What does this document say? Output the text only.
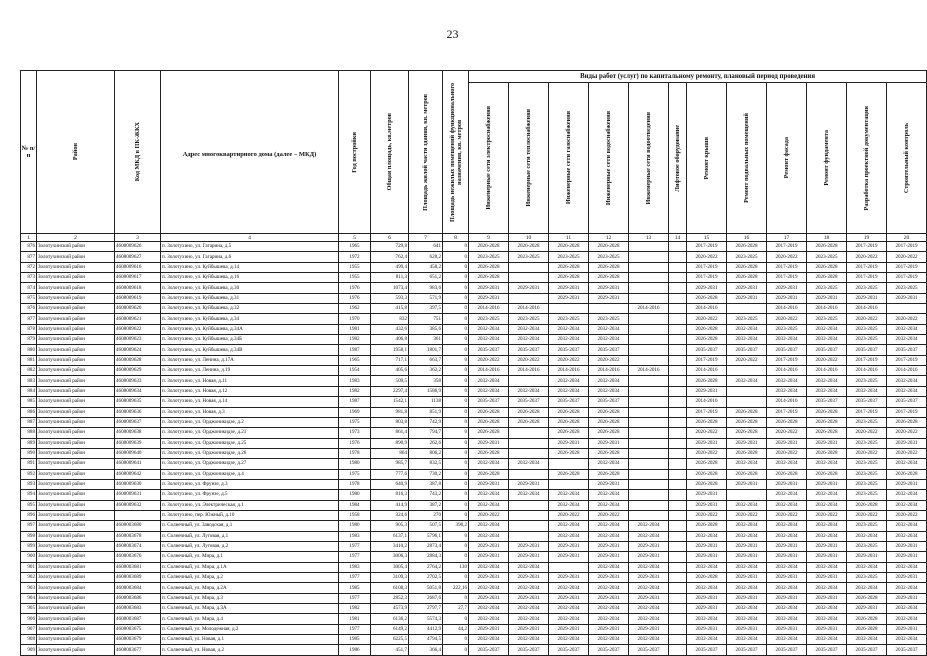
23
№ п/п	Район	Код МКД в ПК-ЖКХ	Адрес многоквартирного дома (далее – МКД)	Год постройки	Общая площадь, кв.метров	Площадь жилой части здания, кв. метров	Площадь нежилых помещений функционального назначения, кв. метров	Виды работ (услуг) по капитальному ремонту, плановый период проведения											

								Инженерные сети электроснабжения	Инженерные сети теплоснабжения	Инженерные сети газоснабжения	Инженерные сети водоснабжения	Инженерные сети водоотведения	Лифтовое оборудование	Ремонт крыши	Ремонт подвальных помещений	Ремонт фасада	Ремонт фундамента	Разработка проектной документации	Строительный контроль

1	2	3	4	5	6	7	8	9	10	11	12	13	14	15	16	17	18	19	20
876	Золотухинский район	4608009626	п. Золотухино, ул. Гагарина, д.5	1965	729,8	641	0	2026-2028	2026-2028	2026-2028	2026-2028			2017-2019	2026-2028	2017-2019	2026-2028	2017-2019	2017-2019
877	Золотухинский район	4608009627	п. Золотухино, ул. Гагарина, д.6	1972	762,4	628,2	0	2023-2025	2023-2025	2023-2025	2023-2025			2020-2022	2023-2025	2020-2022	2023-2025	2020-2022	2020-2022
872	Золотухинский район	4608009616	п. Золотухино, ул. Куйбышева, д.14	1955	499,4	458,2	0	2026-2028		2026-2028	2026-2028			2017-2019	2026-2028	2017-2019	2026-2028	2017-2019	2017-2019
873	Золотухинский район	4608009617	п. Золотухино, ул. Куйбышева, д.16	1955	811,3	651,2	0	2026-2028		2026-2028	2026-2028			2017-2019	2026-2028	2017-2019	2026-2028	2017-2019	2017-2019
874	Золотухинский район	4608009618	п. Золотухино, ул. Куйбышева, д.30	1976	1073,4	983,6	0	2029-2031	2029-2031	2029-2031	2029-2031			2029-2031	2029-2031	2029-2031	2023-2025	2023-2025	2023-2025
875	Золотухинский район	4608009619	п. Золотухино, ул. Куйбышева, д.31	1976	593,3	571,9	0	2029-2031		2029-2031	2029-2031			2026-2028	2029-2031	2029-2031	2029-2031	2029-2031	2029-2031
876	Золотухинский район	4608009620	п. Золотухино, ул. Куйбышева, д.32	1962	415,8	397,5	0	2014-2016	2014-2016			2014-2016		2014-2016		2014-2016	2014-2016	2014-2016	
877	Золотухинский район	4608009621	п. Золотухино, ул. Куйбышева, д.34	1970	832	751	0	2023-2025	2023-2025	2023-2025	2023-2025			2020-2022	2023-2025	2020-2022	2023-2025	2020-2022	2020-2022
878	Золотухинский район	4608009622	п. Золотухино, ул. Куйбышева, д.34А	1981	432,6	385,6	0	2032-2034	2032-2034	2032-2034	2032-2034			2026-2028	2032-2034	2023-2025	2032-2034	2023-2025	2032-2034
879	Золотухинский район	4608009623	п. Золотухино, ул. Куйбышева, д.34Б	1982	406,8	361	0	2032-2034	2032-2034	2032-2034	2032-2034			2026-2028	2032-2034	2032-2034	2032-2034	2023-2025	2032-2034
880	Золотухинский район	4608009624	п. Золотухино, ул. Куйбышева, д.34В	1987	1958,1	1801,7	0	2035-2037	2035-2037	2035-2037	2035-2037			2035-2037	2035-2037	2035-2037	2035-2037	2035-2037	2035-2037
881	Золотухинский район	4608009628	п. Золотухино, ул. Ленина, д.17А	1965	717,1	663,7	0	2020-2022	2020-2022	2020-2022	2020-2022			2017-2019	2020-2022	2017-2019	2020-2022	2017-2019	2017-2019
882	Золотухинский район	4608009629	п. Золотухино, ул. Ленина, д.19	1954	405,6	362,2	0	2014-2016	2014-2016	2014-2016	2014-2016	2014-2016		2014-2016		2014-2016	2014-2016	2014-2016	2014-2016
883	Золотухинский район	4608009633	п. Золотухино, ул. Новая, д.11	1983	509,5	358	0	2032-2034		2032-2034	2032-2034			2026-2028	2032-2034	2032-2034	2032-2034	2023-2025	2032-2034
884	Золотухинский район	4608009634	п. Золотухино, ул. Новая, д.12	1982	2297,4	1586,9	0	2032-2034	2032-2034	2032-2034	2032-2034			2029-2031		2032-2034	2032-2034	2032-2034	2032-2034
885	Золотухинский район	4608009635	п. Золотухино, ул. Новая, д.14	1987	1542,1	1138	0	2035-2037	2035-2037	2035-2037	2035-2037			2014-2016		2014-2016	2035-2037	2035-2037	2035-2037
886	Золотухинский район	4608009636	п. Золотухино, ул. Новая, д.3	1969	981,8	851,9	0	2026-2028	2026-2028	2026-2028	2026-2028			2017-2019	2026-2028	2017-2019	2026-2028	2017-2019	2017-2019
887	Золотухинский район	4608009637	п. Золотухино, ул. Орджоникидзе, д.2	1975	803,8	742,9	0	2026-2028	2026-2028	2026-2028	2026-2028			2026-2028	2026-2028	2026-2028	2026-2028	2023-2025	2026-2028
888	Золотухинский район	4608009638	п. Золотухино, ул. Орджоникидзе, д.21	1973	861,4	794,7	0	2026-2028		2026-2028	2026-2028			2020-2022	2026-2028	2020-2022	2026-2028	2020-2022	2020-2022
889	Золотухинский район	4608009639	п. Золотухино, ул. Орджоникидзе, д.25	1976	890,9	262,6	0	2029-2031		2029-2031	2029-2031			2029-2031	2029-2031	2029-2031	2029-2031	2023-2025	2029-2031
890	Золотухинский район	4608009640	п. Золотухино, ул. Орджоникидзе, д.26	1978	864	806,2	0	2026-2028		2026-2028	2026-2028			2020-2022	2026-2028	2020-2022	2026-2028	2020-2022	2020-2022
891	Золотухинский район	4608009641	п. Золотухино, ул. Орджоникидзе, д.27	1980	985,7	832,5	0	2032-2034	2032-2034		2032-2034			2026-2028	2032-2034	2032-2034	2032-2034	2023-2025	2032-2034
892	Золотухинский район	4608009642	п. Золотухино, ул. Орджоникидзе, д.4	1975	777,6	730,2	0	2026-2028		2026-2028	2026-2028			2026-2028	2026-2028	2026-2028	2026-2028	2023-2025	2026-2028
893	Золотухинский район	4608009630	п. Золотухино, ул. Фрунзе, д.3	1978	640,9	387,8	0	2029-2031	2029-2031		2029-2031			2026-2028	2029-2031	2029-2031	2029-2031	2023-2025	2029-2031
894	Золотухинский район	4608009631	п. Золотухино, ул. Фрунзе, д.5	1980	816,3	743,2	0	2032-2034	2032-2034	2032-2034	2032-2034			2029-2031		2032-2034	2032-2034	2023-2025	2032-2034
895	Золотухинский район	4608009632	п. Золотухино, ул. Электрическая, д.1	1984	414,9	387,2	0	2032-2034		2032-2034	2032-2034			2029-2031	2032-2034	2032-2034	2032-2034	2026-2028	2032-2034
896	Золотухинский район		п. Золотухино, пер. Южный, д.10	1958	324,6	270	0	2020-2022		2020-2022	2020-2022			2020-2022	2020-2022	2020-2022	2020-2022	2020-2022	2020-2022
897	Золотухинский район	4608003680	п. Солнечный, ул. Заводская, д.1	1980	905,3	507,5	390,2	2032-2034		2032-2034	2032-2034	2032-2034		2026-2028	2032-2034	2032-2034	2032-2034	2023-2025	2032-2034
898	Золотухинский район	4608003678	п. Солнечный, ул. Луговая, д.1	1983	6137,1	5796,1	0	2032-2034		2032-2034	2032-2034	2032-2034		2032-2034	2032-2034	2032-2034	2032-2034	2032-2034	2032-2034
899	Золотухинский район	4608003674	п. Солнечный, ул. Луговая, д.2	1977	3410,2	2873,4	0	2029-2031	2029-2031	2029-2031	2029-2031	2029-2031		2029-2031	2029-2031	2029-2031	2029-2031	2023-2025	2029-2031
900	Золотухинский район	4608003676	п. Солнечный, ул. Мира, д.1	1977	3006,3	2884,3	0	2029-2031	2029-2031	2029-2031	2029-2031	2029-2031		2029-2031	2029-2031	2029-2031	2029-2031	2029-2031	2029-2031
901	Золотухинский район	4608003681	п. Солнечный, ул. Мира, д.1А	1983	3005,4	2764,2	130	2032-2034	2032-2034		2032-2034	2032-2034		2032-2034	2032-2034	2032-2034	2032-2034	2032-2034	2032-2034
902	Золотухинский район	4608003689	п. Солнечный, ул. Мира, д.2	1977	3109,3	2702,5	0	2029-2031	2029-2031	2029-2031	2029-2031	2029-2031		2026-2028	2029-2031	2029-2031	2029-2031	2023-2025	2029-2031
903	Золотухинский район	4608003684	п. Солнечный, ул. Мира, д.2А	1985	6108,3	5051,8	222,16	2032-2034	2032-2034	2032-2034	2032-2034	2032-2034		2032-2034	2032-2034	2032-2034	2032-2034	2032-2034	2032-2034
904	Золотухинский район	4608003686	п. Солнечный, ул. Мира, д.3	1977	2852,3	2687,6	0	2029-2031	2029-2031	2029-2031	2029-2031	2029-2031		2029-2031	2029-2031	2029-2031	2029-2031	2026-2028	2029-2031
905	Золотухинский район	4608003683	п. Солнечный, ул. Мира, д.3А	1982	4573,9	2797,7	27,7	2032-2034	2032-2034	2032-2034	2032-2034	2032-2034		2029-2031	2032-2034	2032-2034	2032-2034	2029-2031	2032-2034
906	Золотухинский район	4608003687	п. Солнечный, ул. Мира, д.4	1981	6136,2	5574,3	0	2032-2034	2032-2034	2032-2034	2032-2034	2032-2034		2032-2034	2032-2034	2032-2034	2032-2034	2026-2028	2032-2034
907	Золотухинский район	4608003675	п. Солнечный, ул. Молодежная, д.2	1977	6149,2	4412,9	44,2	2029-2031	2029-2031	2029-2031	2029-2031	2029-2031		2029-2031	2029-2031	2029-2031	2029-2031	2026-2028	2029-2031
908	Золотухинский район	4608003679	п. Солнечный, ул. Новая, д.1	1985	6225,5	4794,5	0	2032-2034	2032-2034	2032-2034	2032-2034	2032-2034		2032-2034	2032-2034	2032-2034	2032-2034	2032-2034	2032-2034
909	Золотухинский район	4608003677	п. Солнечный, ул. Новая, д.2	1986	451,7	366,4	0	2035-2037	2035-2037	2035-2037	2035-2037	2035-2037		2035-2037	2035-2037	2035-2037	2035-2037	2035-2037	2035-2037
